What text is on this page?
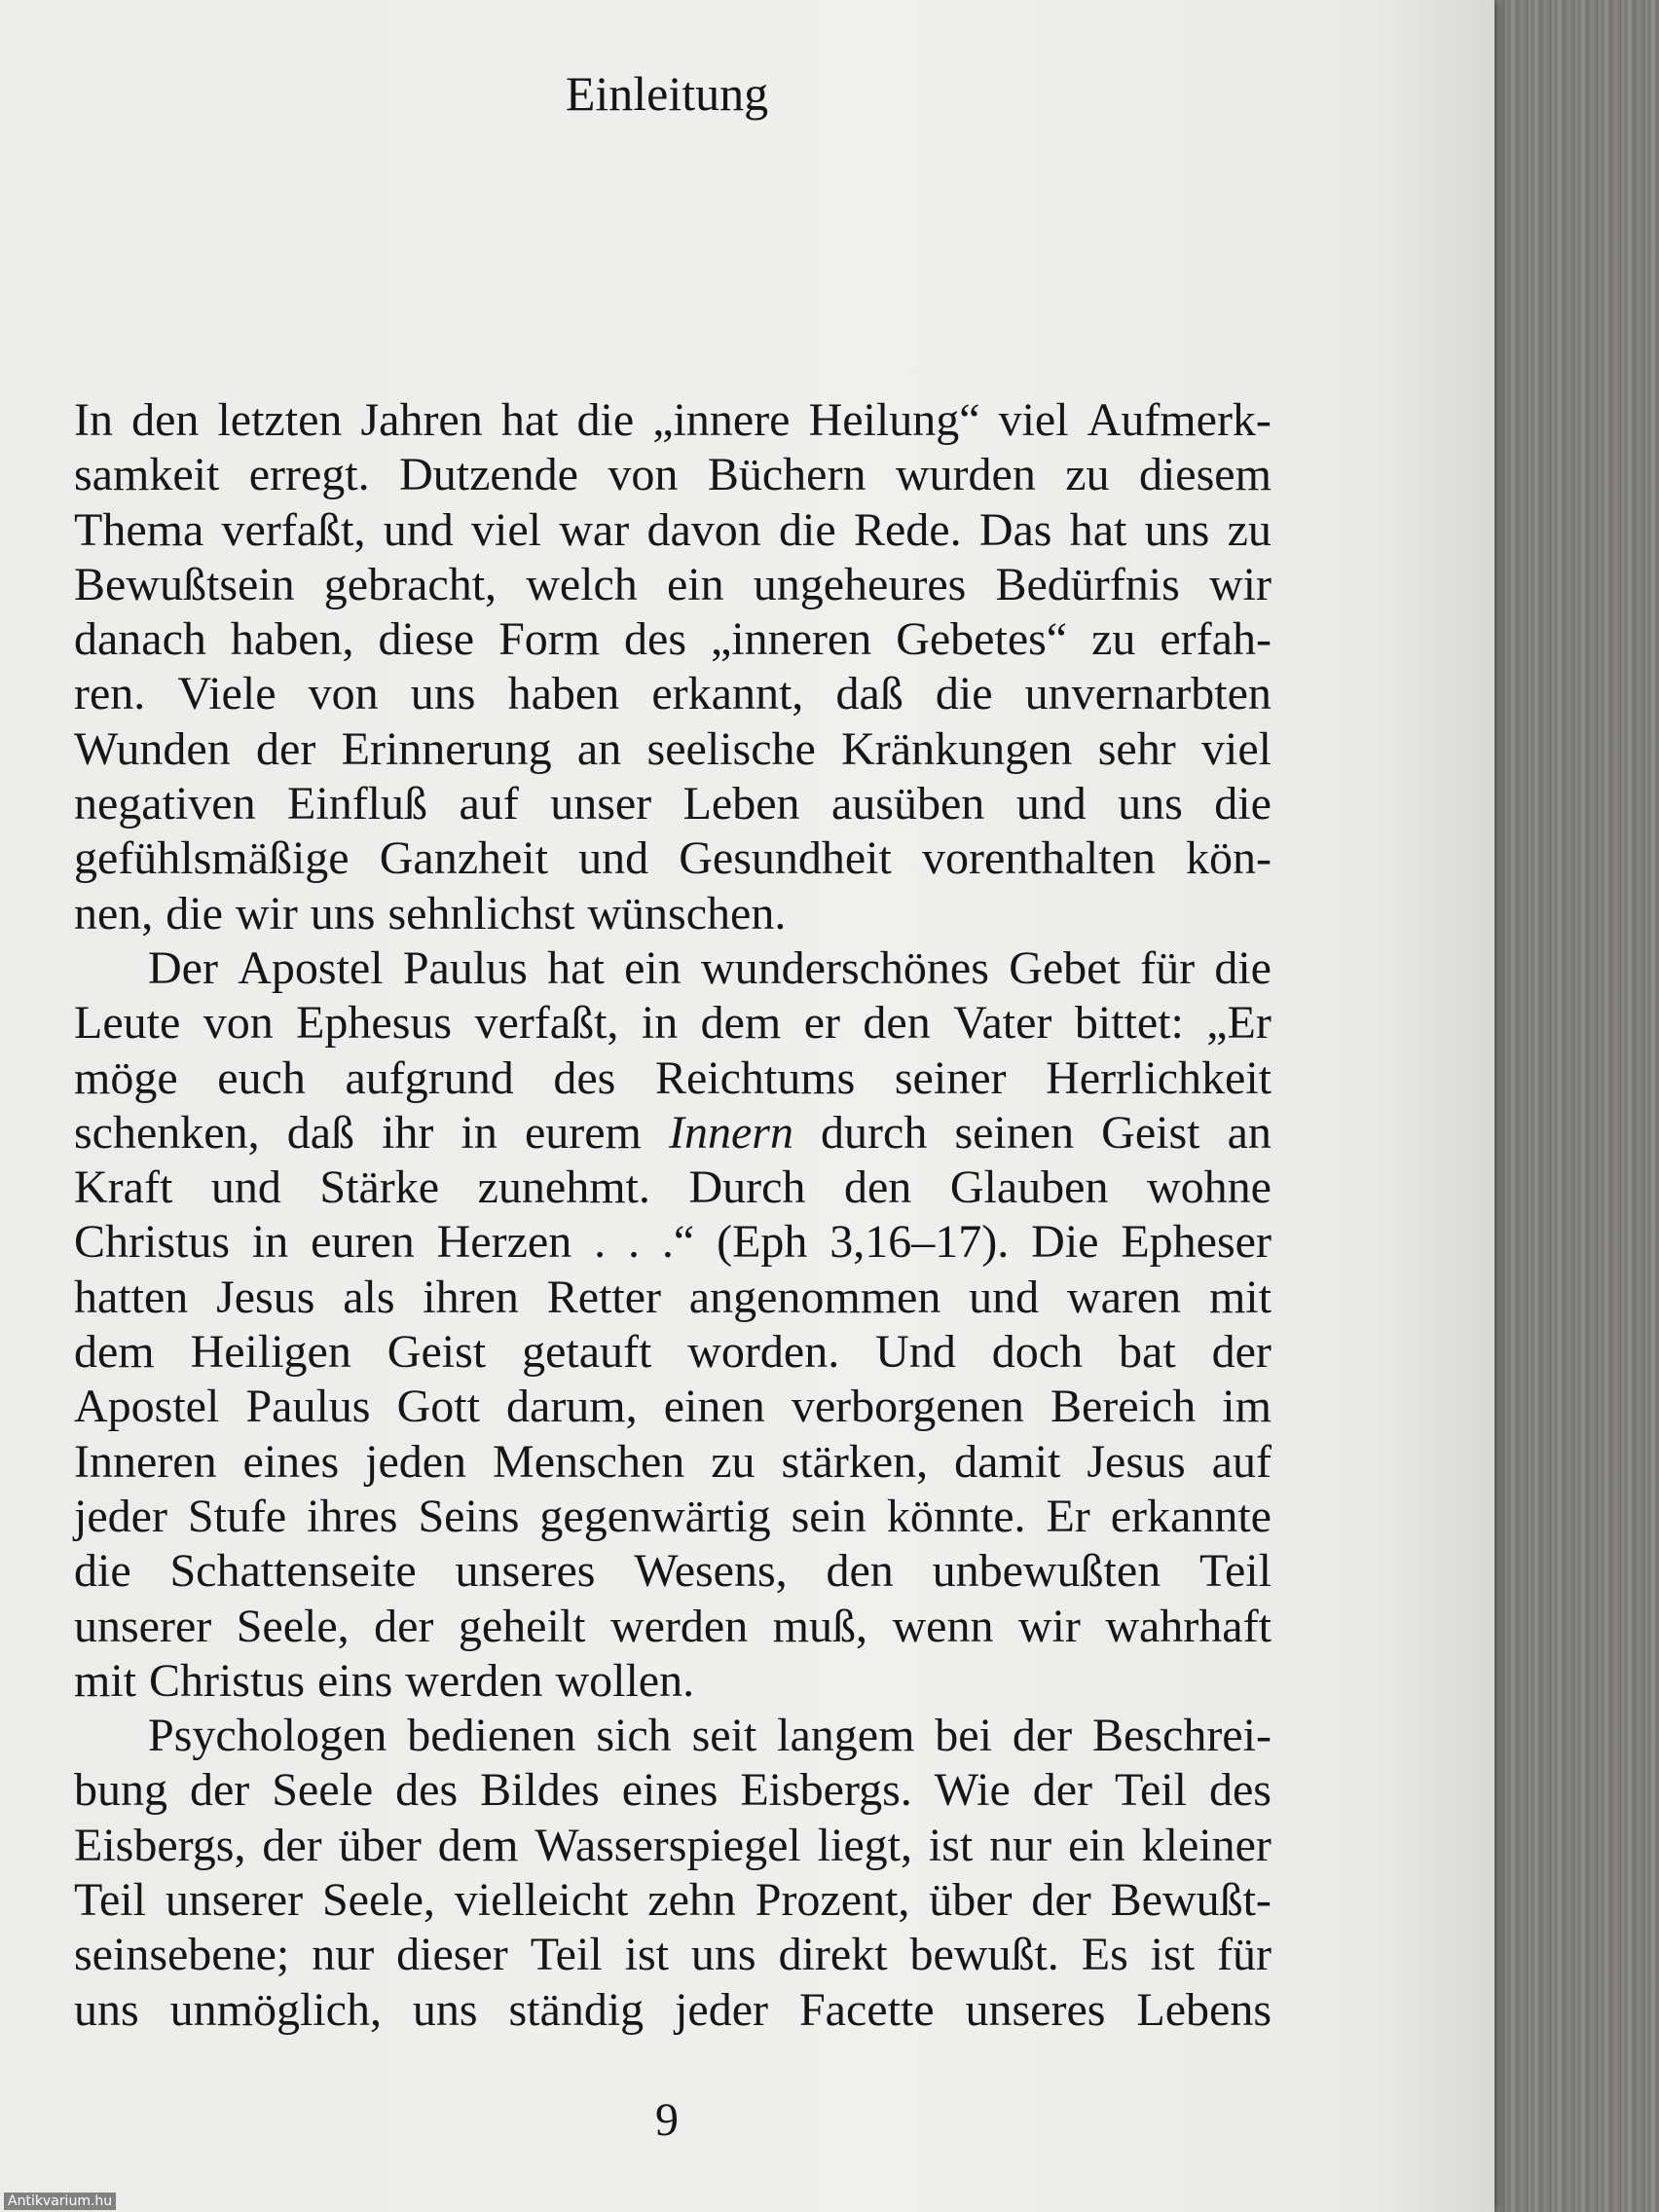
Einleitung
In den letzten Jahren hat die „innere Heilung“ viel Aufmerk-
samkeit erregt. Dutzende von Büchern wurden zu diesem
Thema verfaßt, und viel war davon die Rede. Das hat uns zu
Bewußtsein gebracht, welch ein ungeheures Bedürfnis wir
danach haben, diese Form des „inneren Gebetes“ zu erfah-
ren. Viele von uns haben erkannt, daß die unvernarbten
Wunden der Erinnerung an seelische Kränkungen sehr viel
negativen Einfluß auf unser Leben ausüben und uns die
gefühlsmäßige Ganzheit und Gesundheit vorenthalten kön-
nen, die wir uns sehnlichst wünschen.
Der Apostel Paulus hat ein wunderschönes Gebet für die
Leute von Ephesus verfaßt, in dem er den Vater bittet: „Er
möge euch aufgrund des Reichtums seiner Herrlichkeit
schenken, daß ihr in eurem Innern durch seinen Geist an
Kraft und Stärke zunehmt. Durch den Glauben wohne
Christus in euren Herzen . . .“ (Eph 3,16–17). Die Epheser
hatten Jesus als ihren Retter angenommen und waren mit
dem Heiligen Geist getauft worden. Und doch bat der
Apostel Paulus Gott darum, einen verborgenen Bereich im
Inneren eines jeden Menschen zu stärken, damit Jesus auf
jeder Stufe ihres Seins gegenwärtig sein könnte. Er erkannte
die Schattenseite unseres Wesens, den unbewußten Teil
unserer Seele, der geheilt werden muß, wenn wir wahrhaft
mit Christus eins werden wollen.
Psychologen bedienen sich seit langem bei der Beschrei-
bung der Seele des Bildes eines Eisbergs. Wie der Teil des
Eisbergs, der über dem Wasserspiegel liegt, ist nur ein kleiner
Teil unserer Seele, vielleicht zehn Prozent, über der Bewußt-
seinsebene; nur dieser Teil ist uns direkt bewußt. Es ist für
uns unmöglich, uns ständig jeder Facette unseres Lebens
9
Antikvarium.hu
